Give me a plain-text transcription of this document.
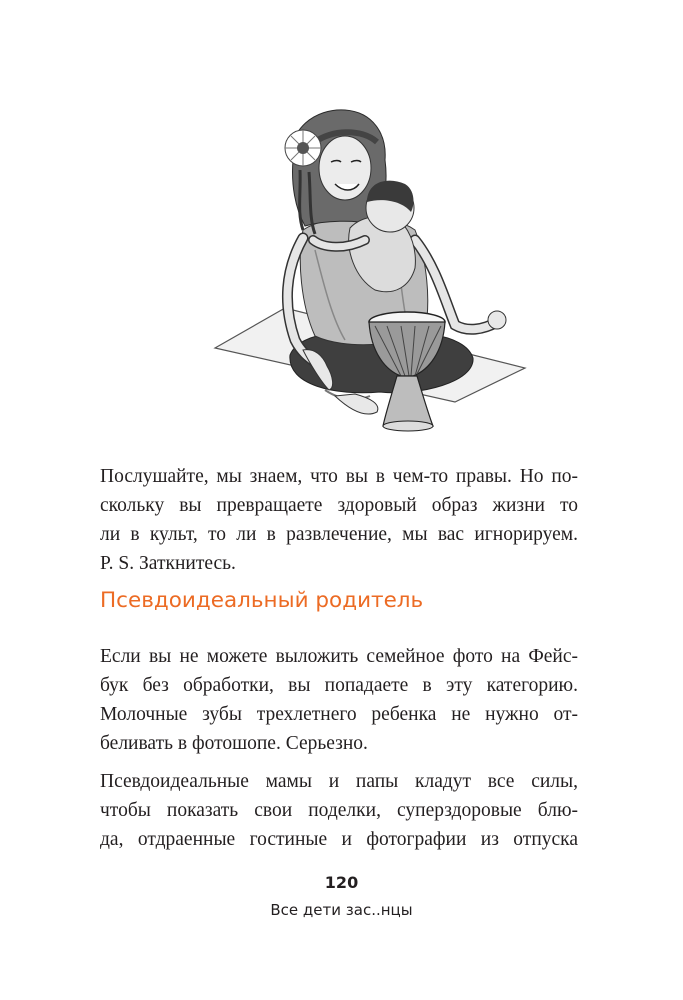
Послушайте, мы знаем, что вы в чем-то правы. Но по-
скольку вы превращаете здоровый образ жизни то
ли в культ, то ли в развлечение, мы вас игнорируем.
P. S. Заткнитесь.
Псевдоидеальный родитель
Если вы не можете выложить семейное фото на Фейс-
бук без обработки, вы попадаете в эту категорию.
Молочные зубы трехлетнего ребенка не нужно от-
беливать в фотошопе. Серьезно.
Псевдоидеальные мамы и папы кладут все силы,
чтобы показать свои поделки, суперздоровые блю-
да, отдраенные гостиные и фотографии из отпуска
120
Все дети зас..нцы
